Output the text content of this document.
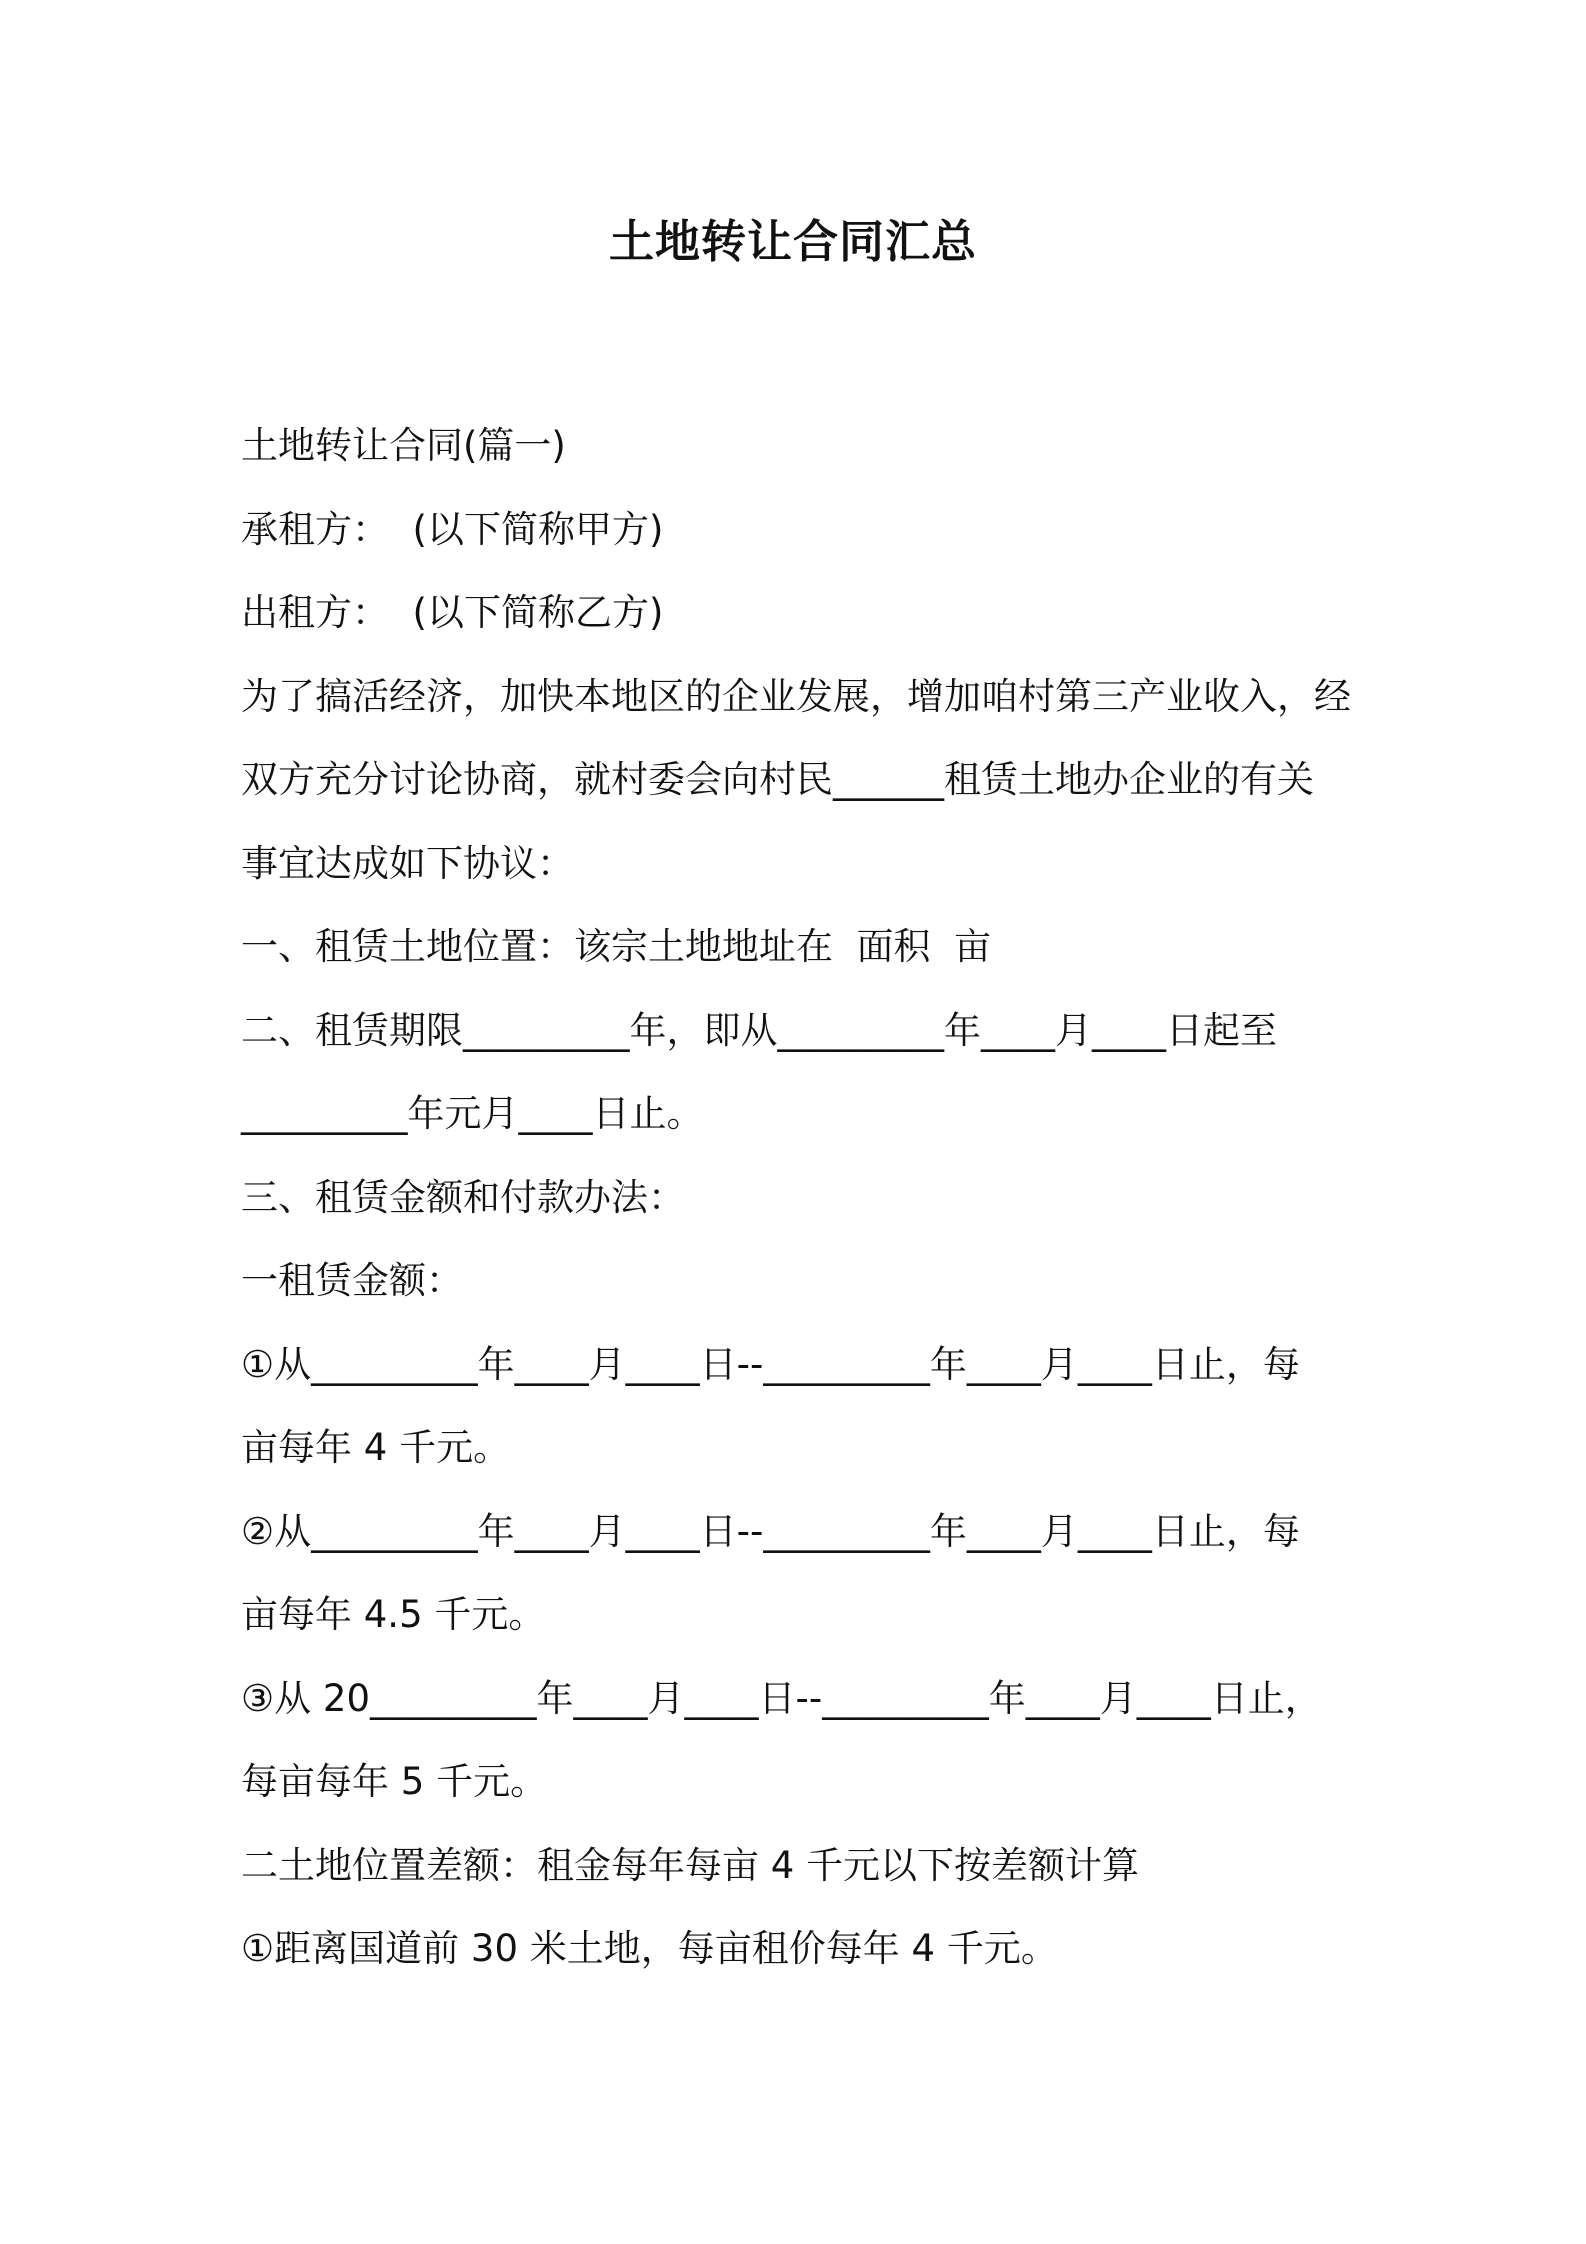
土地转让合同汇总

土地转让合同(篇一)

承租方：  (以下简称甲方)

出租方：  (以下简称乙方)

为了搞活经济，加快本地区的企业发展，增加咱村第三产业收入，经

双方充分讨论协商，就村委会向村民______租赁土地办企业的有关

事宜达成如下协议：

一、租赁土地位置：该宗土地地址在  面积  亩

二、租赁期限_________年，即从_________年____月____日起至

_________年元月____日止。

三、租赁金额和付款办法：

一租赁金额：

①从_________年____月____日--_________年____月____日止，每

亩每年 4 千元。

②从_________年____月____日--_________年____月____日止，每

亩每年 4.5 千元。

③从 20_________年____月____日--_________年____月____日止，

每亩每年 5 千元。

二土地位置差额：租金每年每亩 4 千元以下按差额计算

①距离国道前 30 米土地，每亩租价每年 4 千元。
